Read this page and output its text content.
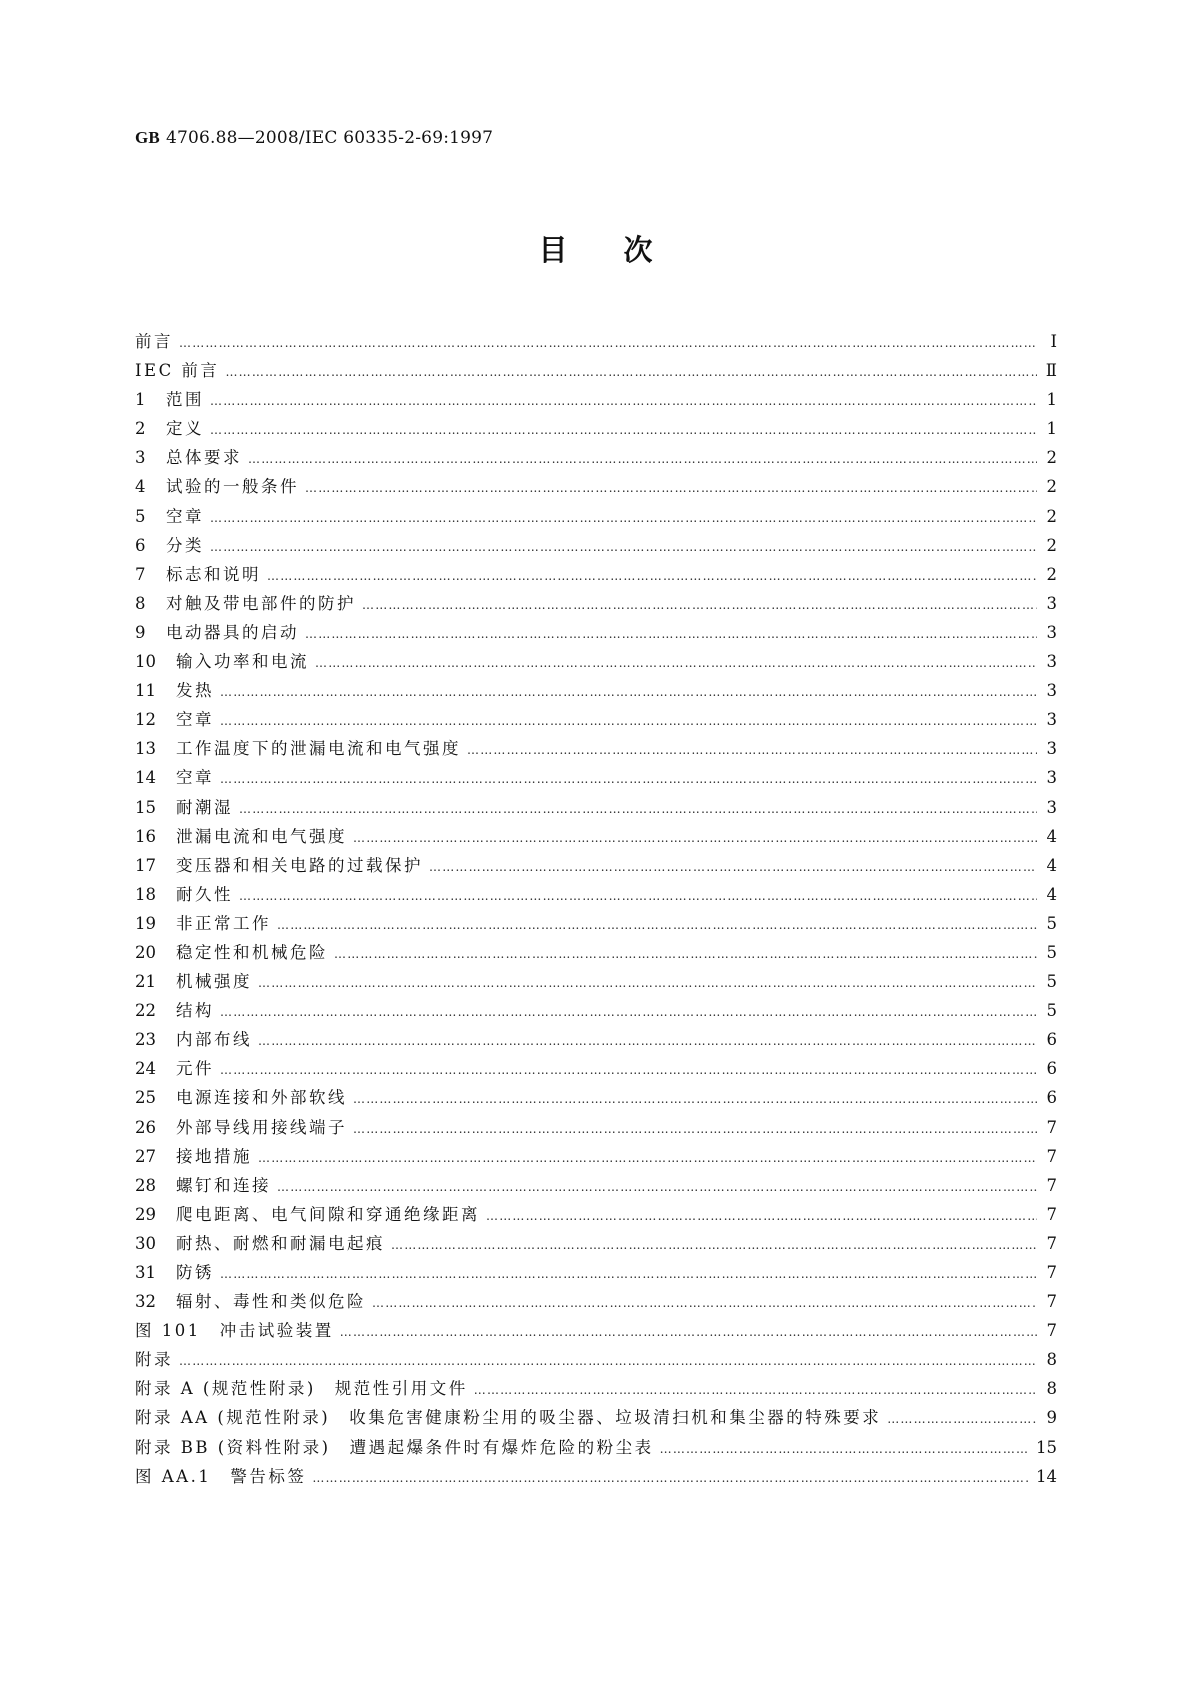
GB 4706.88—2008/IEC 60335-2-69:1997
目次
前言 …………………………………………………………………………………………………………………………………………………………………………………………………………………………………………………	Ⅰ
IEC 前言 …………………………………………………………………………………………………………………………………………………………………………………………………………………………………………………	Ⅱ
1	范围 …………………………………………………………………………………………………………………………………………………………………………………………………………………………………………………	1
2	定义 …………………………………………………………………………………………………………………………………………………………………………………………………………………………………………………	1
3	总体要求 …………………………………………………………………………………………………………………………………………………………………………………………………………………………………………………	2
4	试验的一般条件 …………………………………………………………………………………………………………………………………………………………………………………………………………………………………………………	2
5	空章 …………………………………………………………………………………………………………………………………………………………………………………………………………………………………………………	2
6	分类 …………………………………………………………………………………………………………………………………………………………………………………………………………………………………………………	2
7	标志和说明 …………………………………………………………………………………………………………………………………………………………………………………………………………………………………………………	2
8	对触及带电部件的防护 …………………………………………………………………………………………………………………………………………………………………………………………………………………………………………………	3
9	电动器具的启动 …………………………………………………………………………………………………………………………………………………………………………………………………………………………………………………	3
10	输入功率和电流 …………………………………………………………………………………………………………………………………………………………………………………………………………………………………………………	3
11	发热 …………………………………………………………………………………………………………………………………………………………………………………………………………………………………………………	3
12	空章 …………………………………………………………………………………………………………………………………………………………………………………………………………………………………………………	3
13	工作温度下的泄漏电流和电气强度 …………………………………………………………………………………………………………………………………………………………………………………………………………………………………………………	3
14	空章 …………………………………………………………………………………………………………………………………………………………………………………………………………………………………………………	3
15	耐潮湿 …………………………………………………………………………………………………………………………………………………………………………………………………………………………………………………	3
16	泄漏电流和电气强度 …………………………………………………………………………………………………………………………………………………………………………………………………………………………………………………	4
17	变压器和相关电路的过载保护 …………………………………………………………………………………………………………………………………………………………………………………………………………………………………………………	4
18	耐久性 …………………………………………………………………………………………………………………………………………………………………………………………………………………………………………………	4
19	非正常工作 …………………………………………………………………………………………………………………………………………………………………………………………………………………………………………………	5
20	稳定性和机械危险 …………………………………………………………………………………………………………………………………………………………………………………………………………………………………………………	5
21	机械强度 …………………………………………………………………………………………………………………………………………………………………………………………………………………………………………………	5
22	结构 …………………………………………………………………………………………………………………………………………………………………………………………………………………………………………………	5
23	内部布线 …………………………………………………………………………………………………………………………………………………………………………………………………………………………………………………	6
24	元件 …………………………………………………………………………………………………………………………………………………………………………………………………………………………………………………	6
25	电源连接和外部软线 …………………………………………………………………………………………………………………………………………………………………………………………………………………………………………………	6
26	外部导线用接线端子 …………………………………………………………………………………………………………………………………………………………………………………………………………………………………………………	7
27	接地措施 …………………………………………………………………………………………………………………………………………………………………………………………………………………………………………………	7
28	螺钉和连接 …………………………………………………………………………………………………………………………………………………………………………………………………………………………………………………	7
29	爬电距离、电气间隙和穿通绝缘距离 …………………………………………………………………………………………………………………………………………………………………………………………………………………………………………………	7
30	耐热、耐燃和耐漏电起痕 …………………………………………………………………………………………………………………………………………………………………………………………………………………………………………………	7
31	防锈 …………………………………………………………………………………………………………………………………………………………………………………………………………………………………………………	7
32	辐射、毒性和类似危险 …………………………………………………………………………………………………………………………………………………………………………………………………………………………………………………	7
图 101　冲击试验装置 …………………………………………………………………………………………………………………………………………………………………………………………………………………………………………………	7
附录 …………………………………………………………………………………………………………………………………………………………………………………………………………………………………………………	8
附录 A (规范性附录)　规范性引用文件 …………………………………………………………………………………………………………………………………………………………………………………………………………………………………………………	8
附录 AA (规范性附录)　收集危害健康粉尘用的吸尘器、垃圾清扫机和集尘器的特殊要求 …………………………………………………………………………………………………………………………………………………………………………………………………………………………………………………	9
附录 BB (资料性附录)　遭遇起爆条件时有爆炸危险的粉尘表 …………………………………………………………………………………………………………………………………………………………………………………………………………………………………………………	15
图 AA.1　警告标签 …………………………………………………………………………………………………………………………………………………………………………………………………………………………………………………	14
